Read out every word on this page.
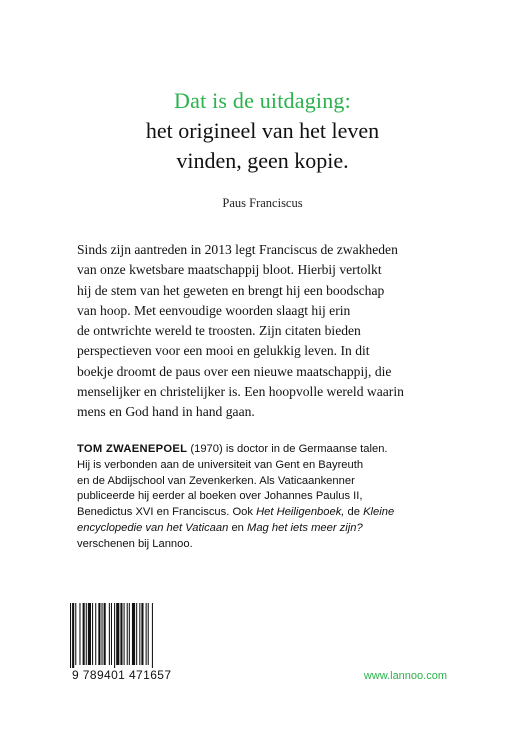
Dat is de uitdaging:
het origineel van het leven
vinden, geen kopie.
Paus Franciscus
Sinds zijn aantreden in 2013 legt Franciscus de zwakheden
van onze kwetsbare maatschappij bloot. Hierbij vertolkt
hij de stem van het geweten en brengt hij een boodschap
van hoop. Met eenvoudige woorden slaagt hij erin
de ontwrichte wereld te troosten. Zijn citaten bieden
perspectieven voor een mooi en gelukkig leven. In dit
boekje droomt de paus over een nieuwe maatschappij, die
menselijker en christelijker is. Een hoopvolle wereld waarin
mens en God hand in hand gaan.
TOM ZWAENEPOEL (1970) is doctor in de Germaanse talen.
Hij is verbonden aan de universiteit van Gent en Bayreuth
en de Abdijschool van Zevenkerken. Als Vaticaankenner
publiceerde hij eerder al boeken over Johannes Paulus II,
Benedictus XVI en Franciscus. Ook Het Heiligenboek, de Kleine
encyclopedie van het Vaticaan en Mag het iets meer zijn?
verschenen bij Lannoo.
9 789401 471657	www.lannoo.com
